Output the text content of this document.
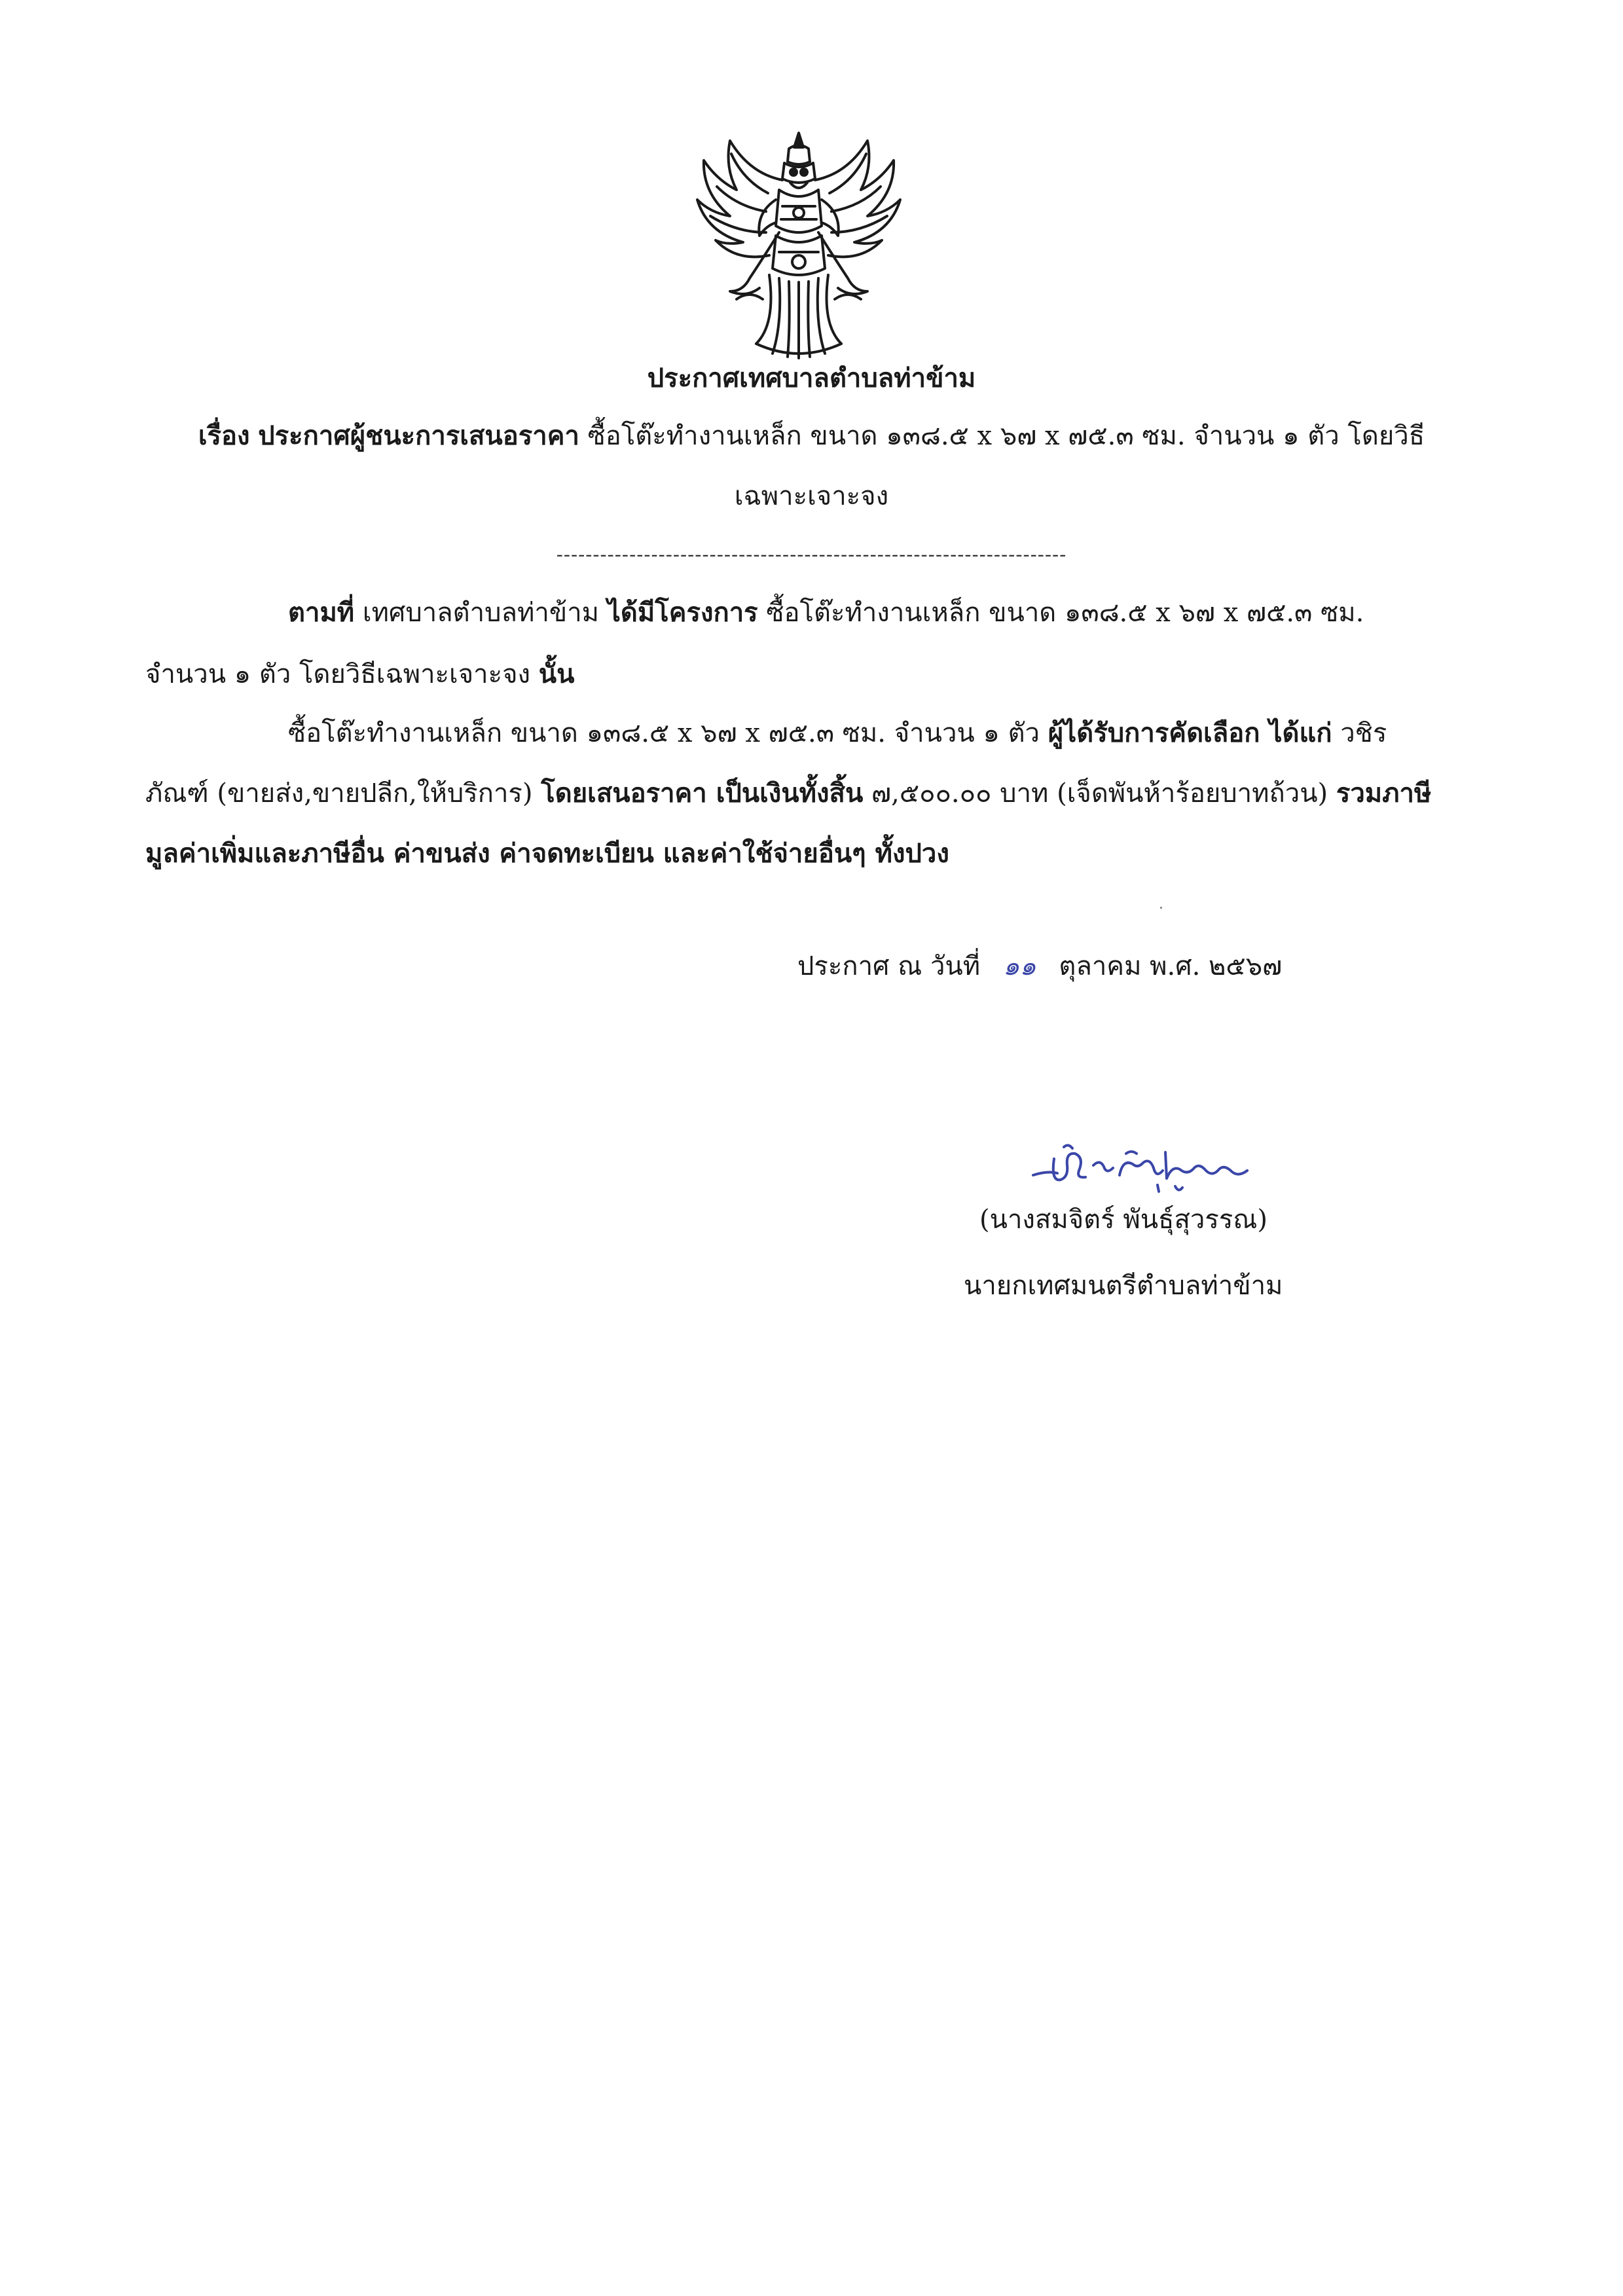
ประกาศเทศบาลตำบลท่าข้าม
เรื่อง ประกาศผู้ชนะการเสนอราคา ซื้อโต๊ะทำงานเหล็ก ขนาด ๑๓๘.๕ x ๖๗ x ๗๕.๓ ซม. จำนวน ๑ ตัว โดยวิธี
เฉพาะเจาะจง
----------------------------------------------------------------------
ตามที่ เทศบาลตำบลท่าข้าม ได้มีโครงการ ซื้อโต๊ะทำงานเหล็ก ขนาด ๑๓๘.๕ x ๖๗ x ๗๕.๓ ซม.
จำนวน ๑ ตัว โดยวิธีเฉพาะเจาะจง นั้น
ซื้อโต๊ะทำงานเหล็ก ขนาด ๑๓๘.๕ x ๖๗ x ๗๕.๓ ซม. จำนวน ๑ ตัว ผู้ได้รับการคัดเลือก ได้แก่ วชิร
ภัณฑ์ (ขายส่ง,ขายปลีก,ให้บริการ) โดยเสนอราคา เป็นเงินทั้งสิ้น ๗,๕๐๐.๐๐ บาท (เจ็ดพันห้าร้อยบาทถ้วน) รวมภาษี
มูลค่าเพิ่มและภาษีอื่น ค่าขนส่ง ค่าจดทะเบียน และค่าใช้จ่ายอื่นๆ ทั้งปวง
ประกาศ ณ วันที่ ๑๑ ตุลาคม พ.ศ. ๒๕๖๗
(นางสมจิตร์ พันธุ์สุวรรณ)
นายกเทศมนตรีตำบลท่าข้าม
